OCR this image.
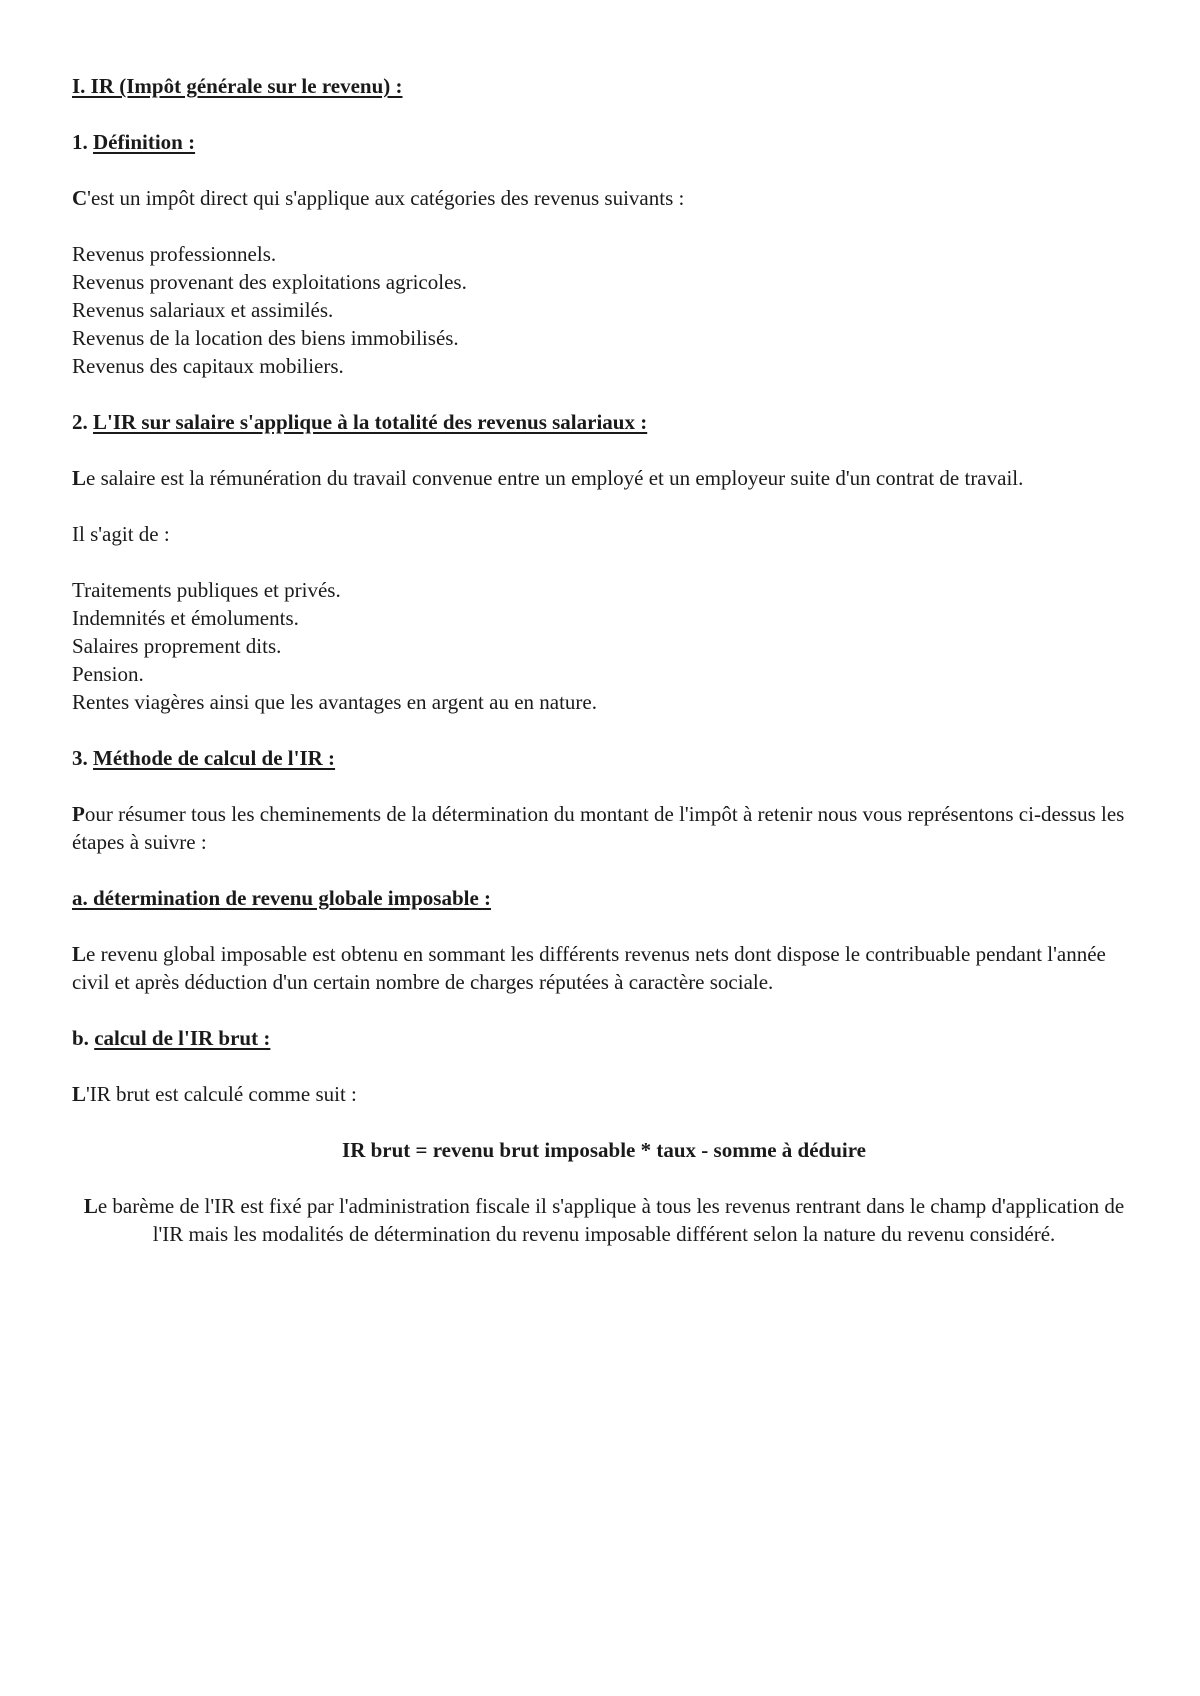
I. IR (Impôt générale sur le revenu) :

1. Définition :

C'est un impôt direct qui s'applique aux catégories des revenus suivants :

Revenus professionnels.

Revenus provenant des exploitations agricoles.

Revenus salariaux et assimilés.

Revenus de la location des biens immobilisés.

Revenus des capitaux mobiliers.

2. L'IR sur salaire s'applique à la totalité des revenus salariaux :

Le salaire est la rémunération du travail convenue entre un employé et un employeur suite d'un contrat de travail.

Il s'agit de :

Traitements publiques et privés.

Indemnités et émoluments.

Salaires proprement dits.

Pension.

Rentes viagères ainsi que les avantages en argent au en nature.

3. Méthode de calcul de l'IR :

Pour résumer tous les cheminements de la détermination du montant de l'impôt à retenir nous vous représentons ci-dessus les étapes à suivre :

a. détermination de revenu globale imposable :

Le revenu global imposable est obtenu en sommant les différents revenus nets dont dispose le contribuable pendant l'année civil et après déduction d'un certain nombre de charges réputées à caractère sociale.

b. calcul de l'IR brut :

L'IR brut est calculé comme suit :

IR brut = revenu brut imposable * taux - somme à déduire

Le barème de l'IR est fixé par l'administration fiscale il s'applique à tous les revenus rentrant dans le champ d'application de l'IR mais les modalités de détermination du revenu imposable différent selon la nature du revenu considéré.
